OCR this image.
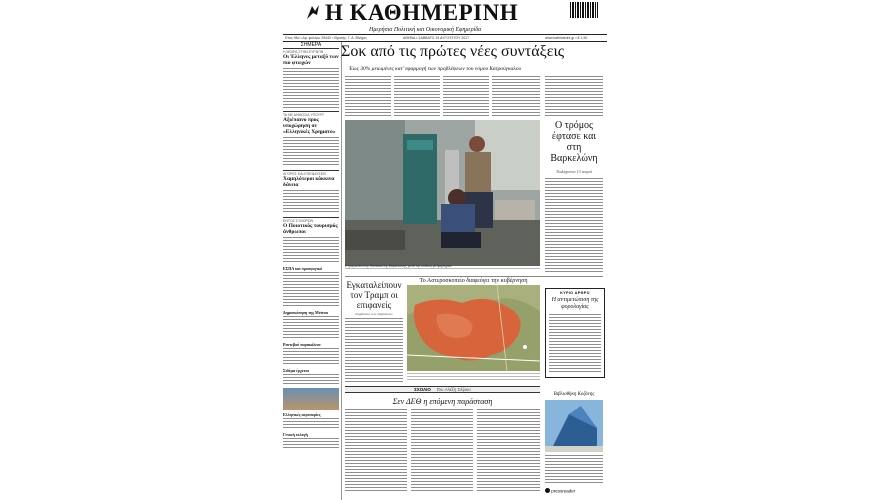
Η ΚΑΘΗΜΕΡΙΝΗ
Ημερήσια Πολιτική και Οικονομική Εφημερίδα
Έτος 98ο • Αρ. φύλλου 29442 • Ιδρυτής: Γ. Α. Βλάχος	ΑΘΗΝΑ • ΣΑΒΒΑΤΟ 19 ΑΥΓΟΥΣΤΟΥ 2017	www.kathimerini.gr • € 1,90
ΣΗΜΕΡΑ
Η ΜΟΙΡΑ ΣΤΗΝ ΕΥΡΩΠΗ
Οι Έλληνες μεταξύ των πιο φτωχών
ΤΑ ΝΕ ΔΗΜΟΣΙΑ ΥΠΟΥΡΓ
Αξιέπαινο προς υποχώρηση σε «Ελληνικές Χρηματο»
ΑΓΟΡΕΣ ΚΑΙ ΕΠΕΝΔΥΣΕΙΣ
Χαμηλότεροι κόκκινα δάνεια
ΕΝΤΟΣ ΣΥΝΟΡΩΝ
Ο Ποιοτικός τουρισμός άνθρωποι
ΕΣΠΑ και προσφυγικό
Δημοσκόπηση της Metron
Ραντεβού παρακάλεσε
Σιδέμα έρχεται
Ελληνικές αεροπορίες
Γενική εκλογή
Σοκ από τις πρώτες νέες συντάξεις
Έως 30% μειωμένες κατ’ εφαρμογή των προβλέψεων του νόμου Κατρούγκαλου
Η τραγωδία στην Ramblas της Βαρκελώνης, μετά την επίθεση με φορτηγάκι
Ο τρόμος έφτασε και στη Βαρκελώνη
Τουλάχιστον 13 νεκροί
Εγκαταλείπουν τον Τραμπ οι επιφανείς
Συμβούλιο των συμβούλων
Το Αστεροσκοπείο διαφεύγει την κυβέρνηση
ΚΥΡΙΟ ΑΡΘΡΟ
Η αντιμετώπιση της φορολογίας
ΣΧΟΛΙΟ Του Αλέξη Σλίμου
Σεν ΔΕΘ η επόμενη παράσταση
Βιβλιοθήκη Κοζάνης
pressreader
